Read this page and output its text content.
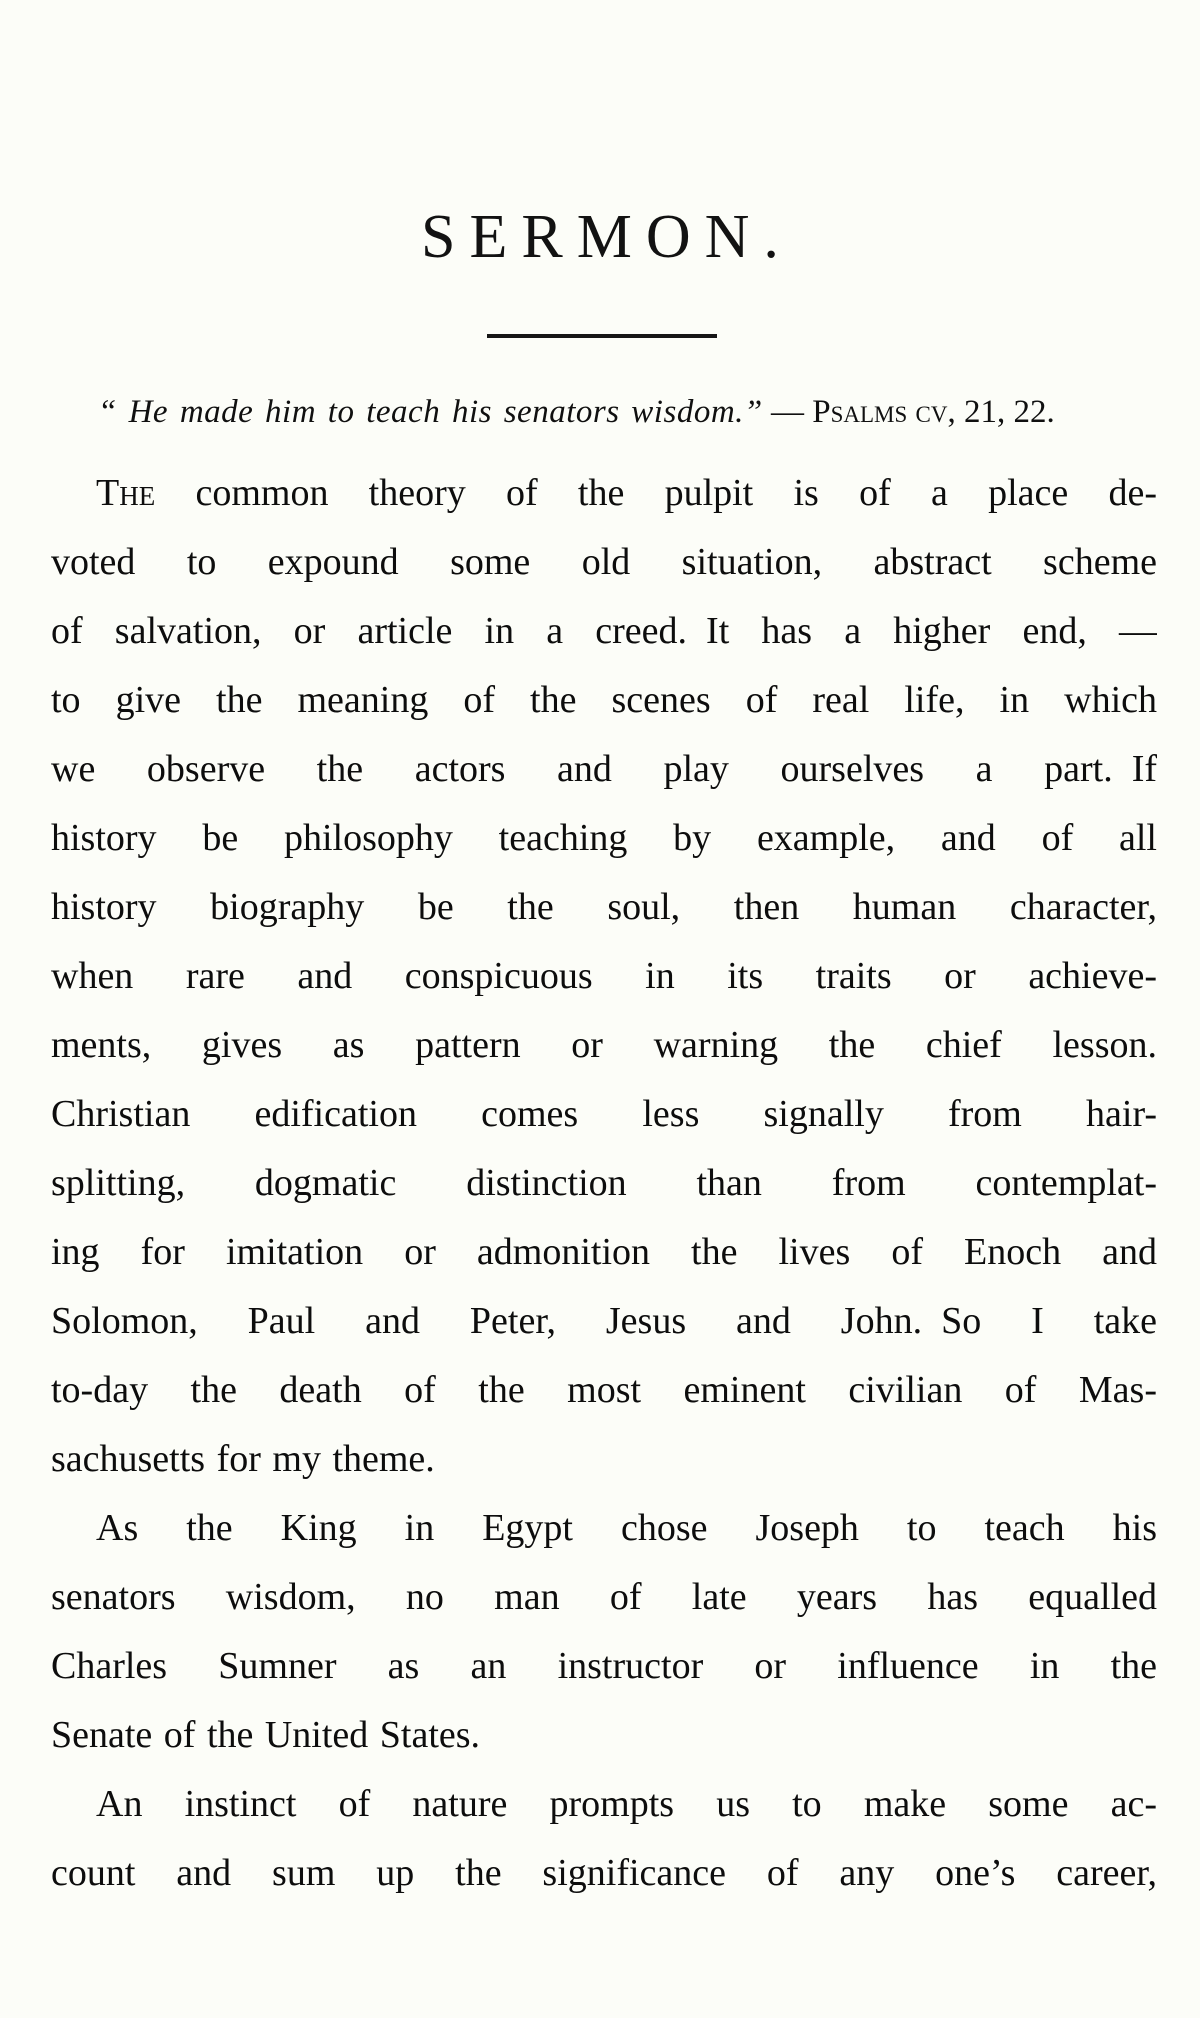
SERMON.
“ He made him to teach his senators wisdom.” — Psalms cv, 21, 22.
The common theory of the pulpit is of a place de-
voted to expound some old situation, abstract scheme
of salvation, or article in a creed. It has a higher end, —
to give the meaning of the scenes of real life, in which
we observe the actors and play ourselves a part. If
history be philosophy teaching by example, and of all
history biography be the soul, then human character,
when rare and conspicuous in its traits or achieve-
ments, gives as pattern or warning the chief lesson.
Christian edification comes less signally from hair-
splitting, dogmatic distinction than from contemplat-
ing for imitation or admonition the lives of Enoch and
Solomon, Paul and Peter, Jesus and John. So I take
to-day the death of the most eminent civilian of Mas-
sachusetts for my theme.
As the King in Egypt chose Joseph to teach his
senators wisdom, no man of late years has equalled
Charles Sumner as an instructor or influence in the
Senate of the United States.
An instinct of nature prompts us to make some ac-
count and sum up the significance of any one’s career,
